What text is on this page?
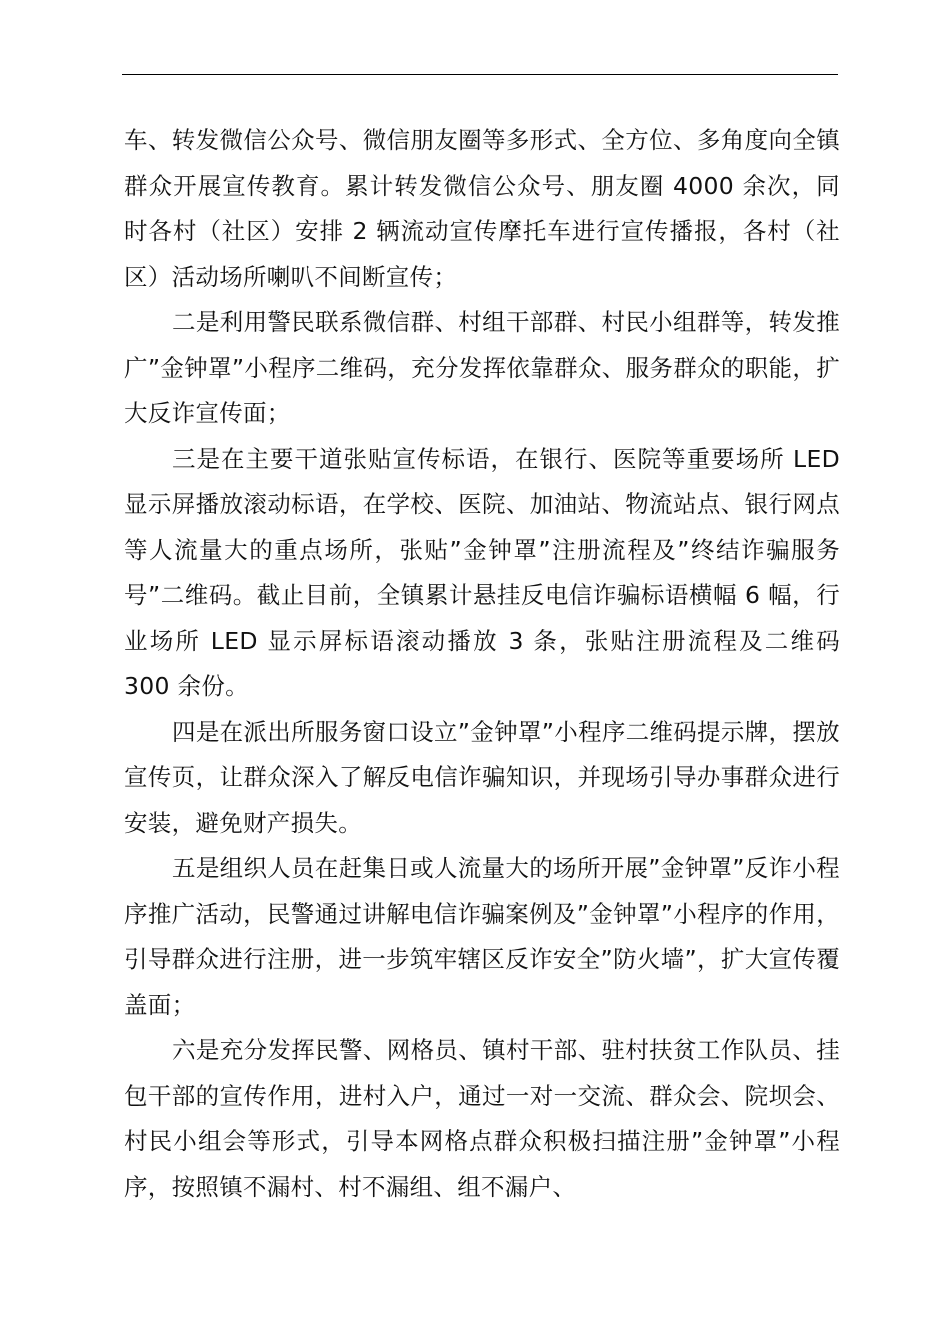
车、转发微信公众号、微信朋友圈等多形式、全方位、多角度向全镇群众开展宣传教育。累计转发微信公众号、朋友圈 4000 余次，同时各村（社区）安排 2 辆流动宣传摩托车进行宣传播报，各村（社区）活动场所喇叭不间断宣传；

二是利用警民联系微信群、村组干部群、村民小组群等，转发推广”金钟罩”小程序二维码，充分发挥依靠群众、服务群众的职能，扩大反诈宣传面；

三是在主要干道张贴宣传标语，在银行、医院等重要场所 LED 显示屏播放滚动标语，在学校、医院、加油站、物流站点、银行网点等人流量大的重点场所，张贴”金钟罩”注册流程及”终结诈骗服务号”二维码。截止目前，全镇累计悬挂反电信诈骗标语横幅 6 幅，行业场所 LED 显示屏标语滚动播放 3 条，张贴注册流程及二维码 300 余份。

四是在派出所服务窗口设立”金钟罩”小程序二维码提示牌，摆放宣传页，让群众深入了解反电信诈骗知识，并现场引导办事群众进行安装，避免财产损失。

五是组织人员在赶集日或人流量大的场所开展”金钟罩”反诈小程序推广活动，民警通过讲解电信诈骗案例及”金钟罩”小程序的作用，引导群众进行注册，进一步筑牢辖区反诈安全”防火墙”，扩大宣传覆盖面；

六是充分发挥民警、网格员、镇村干部、驻村扶贫工作队员、挂包干部的宣传作用，进村入户，通过一对一交流、群众会、院坝会、村民小组会等形式，引导本网格点群众积极扫描注册”金钟罩”小程序，按照镇不漏村、村不漏组、组不漏户、
